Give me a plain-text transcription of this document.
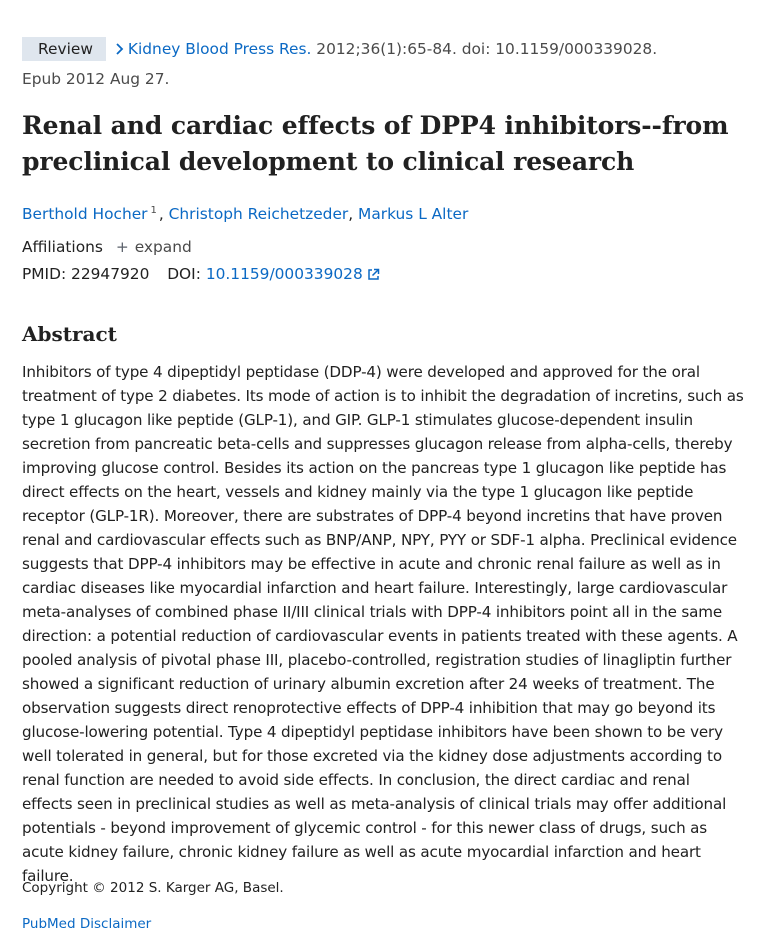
Review Kidney Blood Press Res. 2012;36(1):65-84. doi: 10.1159/000339028.
Epub 2012 Aug 27.
Renal and cardiac effects of DPP4 inhibitors--from preclinical development to clinical research
Berthold Hocher $^1$ , Christoph Reichetzeder, Markus L Alter
Affiliations + expand
PMID: 22947920 DOI: 10.1159/000339028
Abstract

Inhibitors of type 4 dipeptidyl peptidase (DDP-4) were developed and approved for the oral treatment of type 2 diabetes. Its mode of action is to inhibit the degradation of incretins, such as type 1 glucagon like peptide (GLP-1), and GIP. GLP-1 stimulates glucose-dependent insulin secretion from pancreatic beta-cells and suppresses glucagon release from alpha-cells, thereby improving glucose control. Besides its action on the pancreas type 1 glucagon like peptide has direct effects on the heart, vessels and kidney mainly via the type 1 glucagon like peptide receptor (GLP-1R). Moreover, there are substrates of DPP-4 beyond incretins that have proven renal and cardiovascular effects such as BNP/ANP, NPY, PYY or SDF-1 alpha. Preclinical evidence suggests that DPP-4 inhibitors may be effective in acute and chronic renal failure as well as in cardiac diseases like myocardial infarction and heart failure. Interestingly, large cardiovascular meta-analyses of combined phase II/III clinical trials with DPP-4 inhibitors point all in the same direction: a potential reduction of cardiovascular events in patients treated with these agents. A pooled analysis of pivotal phase III, placebo-controlled, registration studies of linagliptin further showed a significant reduction of urinary albumin excretion after 24 weeks of treatment. The observation suggests direct renoprotective effects of DPP-4 inhibition that may go beyond its glucose-lowering potential. Type 4 dipeptidyl peptidase inhibitors have been shown to be very well tolerated in general, but for those excreted via the kidney dose adjustments according to renal function are needed to avoid side effects. In conclusion, the direct cardiac and renal effects seen in preclinical studies as well as meta-analysis of clinical trials may offer additional potentials - beyond improvement of glycemic control - for this newer class of drugs, such as acute kidney failure, chronic kidney failure as well as acute myocardial infarction and heart failure.

Copyright © 2012 S. Karger AG, Basel.
PubMed Disclaimer
